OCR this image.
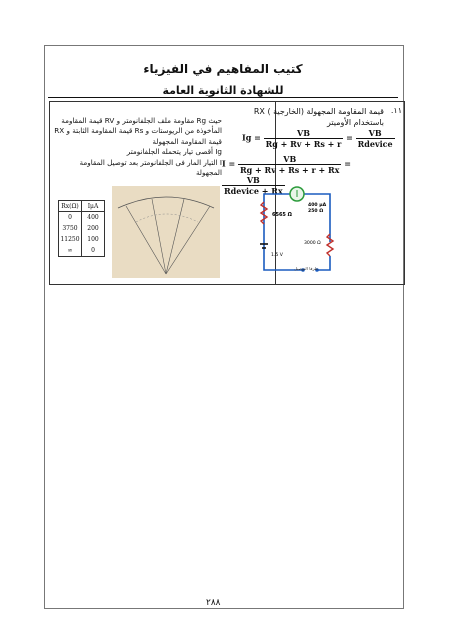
كتيب المفاهيم في الفيزياء
للشهادة الثانوية العامة
١١.
قيمة المقاومة المجهولة (الخارجية ) RX باستخدام الأوميتر
$Ig = \frac{VB}{Rg + Rv + Rs + r} = \frac{VB}{\text{Rdevice}}$
$I = \frac{VB}{Rg + Rv + Rs + r + Rx}$ =
$\frac{VB}{\text{Rdevice + Rx}}$
400 μA
250 Ω
6565 Ω
3000 Ω
1.5 V
طرفا التوصيل

حيث Rg مقاومة ملف الجلفانومتر و RV قيمة المقاومة المأخوذة من الريوستات و Rs قيمة المقاومة الثابتة و RX قيمة المقاومة المجهولة

Ig أقصى تيار يتحمله الجلفانومتر

I التيار المار فى الجلفانومتر بعد توصيل المقاومة المجهولة

Rx(Ω)	IμA
0	400
3750	200
11250	100
∞	0
٢٨٨
